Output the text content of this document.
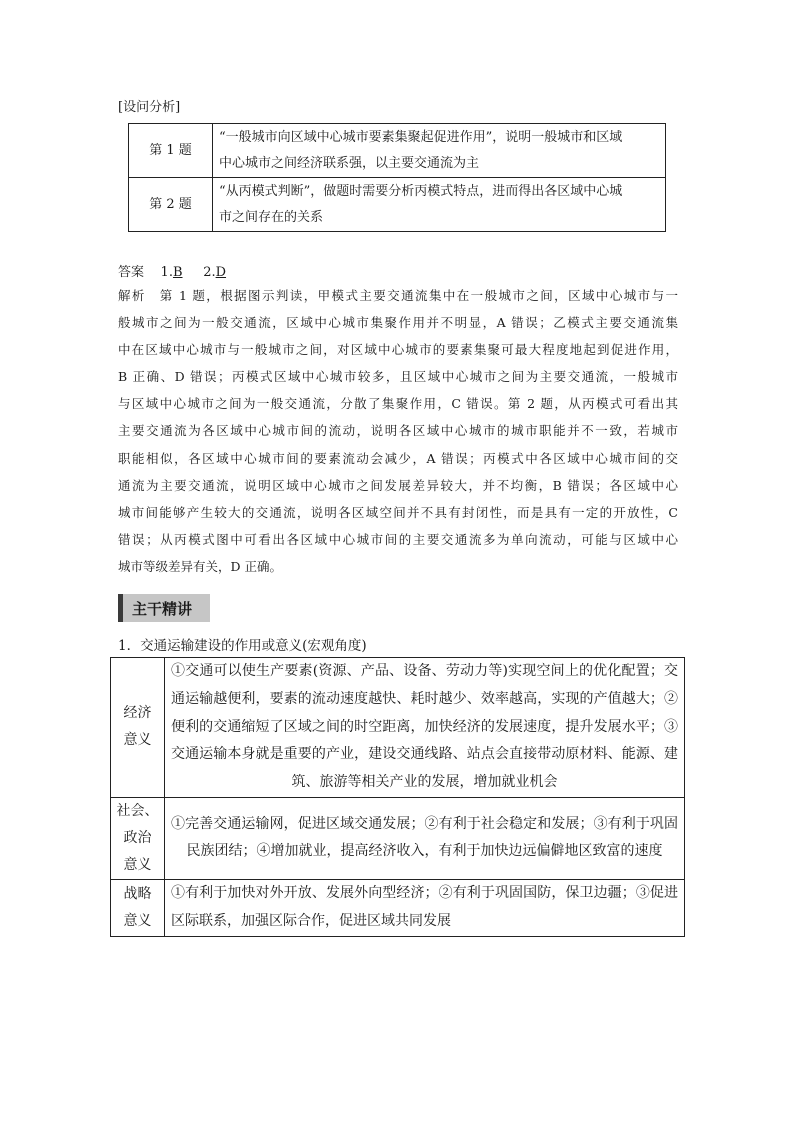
[设问分析]
第 1 题	“一般城市向区域中心城市要素集聚起促进作用”，说明一般城市和区域
中心城市之间经济联系强，以主要交通流为主

第 2 题	“从丙模式判断”，做题时需要分析丙模式特点，进而得出各区域中心城
市之间存在的关系
答案 1.B 2.D
解析　第 1 题，根据图示判读，甲模式主要交通流集中在一般城市之间，区域中心城市与一
般城市之间为一般交通流，区域中心城市集聚作用并不明显，A 错误；乙模式主要交通流集
中在区域中心城市与一般城市之间，对区域中心城市的要素集聚可最大程度地起到促进作用，
B 正确、D 错误；丙模式区域中心城市较多，且区域中心城市之间为主要交通流，一般城市
与区域中心城市之间为一般交通流，分散了集聚作用，C 错误。第 2 题，从丙模式可看出其
主要交通流为各区域中心城市间的流动，说明各区域中心城市的城市职能并不一致，若城市
职能相似，各区域中心城市间的要素流动会减少，A 错误；丙模式中各区域中心城市间的交
通流为主要交通流，说明区域中心城市之间发展差异较大，并不均衡，B 错误；各区域中心
城市间能够产生较大的交通流，说明各区域空间并不具有封闭性，而是具有一定的开放性，C
错误；从丙模式图中可看出各区域中心城市间的主要交通流多为单向流动，可能与区域中心
城市等级差异有关，D 正确。
主干精讲
1．交通运输建设的作用或意义(宏观角度)
经济
意义	①交通可以使生产要素(资源、产品、设备、劳动力等)实现空间上的优化配置；交
通运输越便利，要素的流动速度越快、耗时越少、效率越高，实现的产值越大；②
便利的交通缩短了区域之间的时空距离，加快经济的发展速度，提升发展水平；③
交通运输本身就是重要的产业，建设交通线路、站点会直接带动原材料、能源、建
筑、旅游等相关产业的发展，增加就业机会

社会、
政治
意义	①完善交通运输网，促进区域交通发展；②有利于社会稳定和发展；③有利于巩固
民族团结；④增加就业，提高经济收入，有利于加快边远偏僻地区致富的速度

战略
意义	①有利于加快对外开放、发展外向型经济；②有利于巩固国防，保卫边疆；③促进
区际联系，加强区际合作，促进区域共同发展
